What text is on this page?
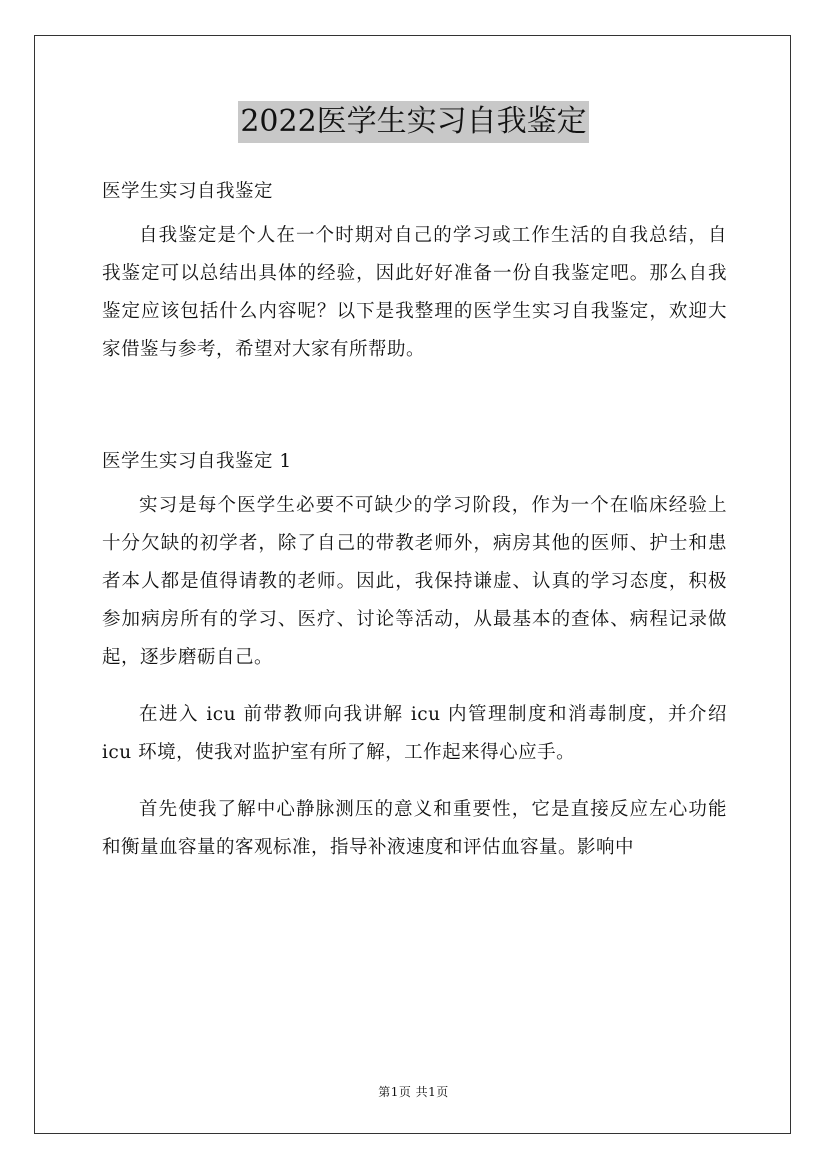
2022医学生实习自我鉴定

医学生实习自我鉴定

自我鉴定是个人在一个时期对自己的学习或工作生活的自我总结，自我鉴定可以总结出具体的经验，因此好好准备一份自我鉴定吧。那么自我鉴定应该包括什么内容呢？以下是我整理的医学生实习自我鉴定，欢迎大家借鉴与参考，希望对大家有所帮助。

医学生实习自我鉴定 1

实习是每个医学生必要不可缺少的学习阶段，作为一个在临床经验上十分欠缺的初学者，除了自己的带教老师外，病房其他的医师、护士和患者本人都是值得请教的老师。因此，我保持谦虚、认真的学习态度，积极参加病房所有的学习、医疗、讨论等活动，从最基本的查体、病程记录做起，逐步磨砺自己。

在进入 icu 前带教师向我讲解 icu 内管理制度和消毒制度，并介绍 icu 环境，使我对监护室有所了解，工作起来得心应手。

首先使我了解中心静脉测压的意义和重要性，它是直接反应左心功能和衡量血容量的客观标准，指导补液速度和评估血容量。影响中

第1页 共1页
